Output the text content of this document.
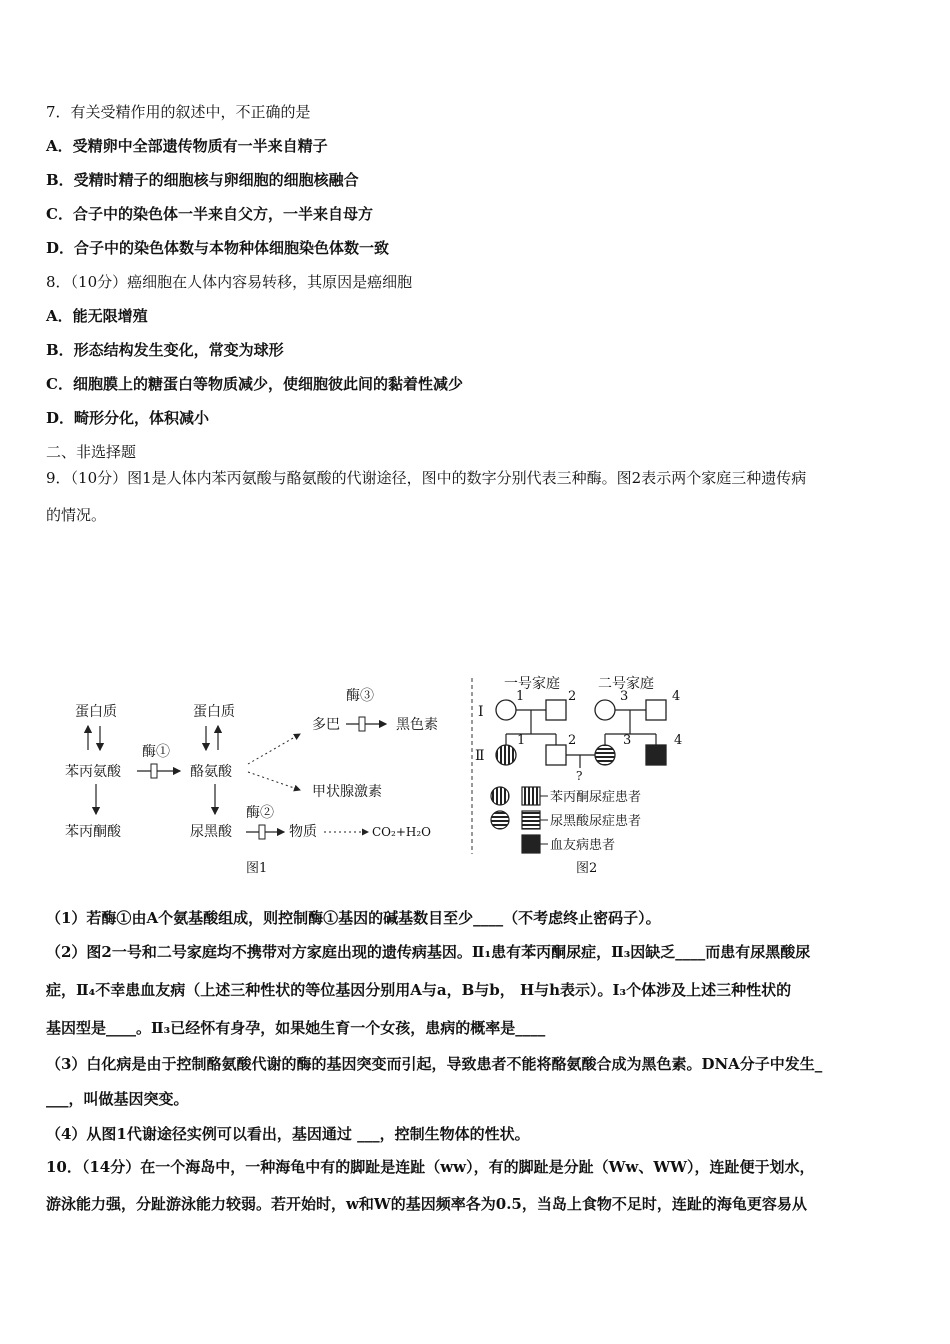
7．有关受精作用的叙述中，不正确的是
A．受精卵中全部遗传物质有一半来自精子
B．受精时精子的细胞核与卵细胞的细胞核融合
C．合子中的染色体一半来自父方，一半来自母方
D．合子中的染色体数与本物种体细胞染色体数一致
8．（10分）癌细胞在人体内容易转移，其原因是癌细胞
A．能无限增殖
B．形态结构发生变化，常变为球形
C．细胞膜上的糖蛋白等物质减少，使细胞彼此间的黏着性减少
D．畸形分化，体积减小
二、非选择题
9．（10分）图1是人体内苯丙氨酸与酪氨酸的代谢途径，图中的数字分别代表三种酶。图2表示两个家庭三种遗传病
的情况。
蛋白质
苯丙氨酸
苯丙酮酸
酶①
蛋白质
酪氨酸
尿黑酸
多巴
酶③
黑色素
甲状腺激素
酶②
物质	CO₂+H₂O
图1
一号家庭	二号家庭
Ⅰ
Ⅱ
1	2	3	4
1	2	3	4
?
苯丙酮尿症患者
尿黑酸尿症患者
血友病患者
图2
（1）若酶①由A个氨基酸组成，则控制酶①基因的碱基数目至少____（不考虑终止密码子）。
（2）图2一号和二号家庭均不携带对方家庭出现的遗传病基因。Ⅱ₁患有苯丙酮尿症，Ⅱ₃因缺乏____而患有尿黑酸尿
症，Ⅱ₄不幸患血友病（上述三种性状的等位基因分别用A与a，B与b， H与h表示）。I₃个体涉及上述三种性状的
基因型是____。Ⅱ₃已经怀有身孕，如果她生育一个女孩，患病的概率是____
（3）白化病是由于控制酪氨酸代谢的酶的基因突变而引起，导致患者不能将酪氨酸合成为黑色素。DNA分子中发生_
___，叫做基因突变。
（4）从图1代谢途径实例可以看出，基因通过 ___，控制生物体的性状。
10．（14分）在一个海岛中，一种海龟中有的脚趾是连趾（ww），有的脚趾是分趾（Ww、WW），连趾便于划水，
游泳能力强，分趾游泳能力较弱。若开始时，w和W的基因频率各为0.5，当岛上食物不足时，连趾的海龟更容易从
